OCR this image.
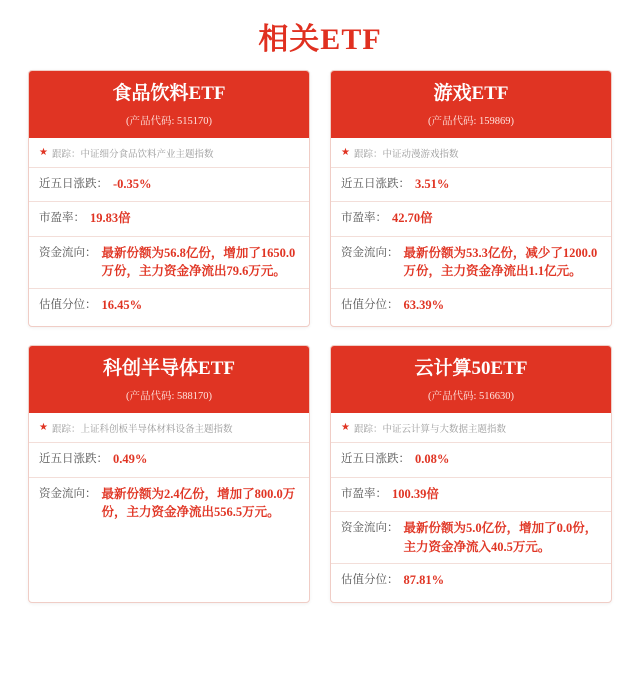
相关ETF
食品饮料ETF
(产品代码: 515170)
★ 跟踪：中证细分食品饮料产业主题指数
近五日涨跌： -0.35%
市盈率： 19.83倍
资金流向： 最新份额为56.8亿份，增加了1650.0万份，主力资金净流出79.6万元。
估值分位： 16.45%
游戏ETF
(产品代码: 159869)
★ 跟踪：中证动漫游戏指数
近五日涨跌： 3.51%
市盈率： 42.70倍
资金流向： 最新份额为53.3亿份，减少了1200.0万份，主力资金净流出1.1亿元。
估值分位： 63.39%
科创半导体ETF
(产品代码: 588170)
★ 跟踪：上证科创板半导体材料设备主题指数
近五日涨跌： 0.49%
资金流向： 最新份额为2.4亿份，增加了800.0万份，主力资金净流出556.5万元。
云计算50ETF
(产品代码: 516630)
★ 跟踪：中证云计算与大数据主题指数
近五日涨跌： 0.08%
市盈率： 100.39倍
资金流向： 最新份额为5.0亿份，增加了0.0份，主力资金净流入40.5万元。
估值分位： 87.81%
